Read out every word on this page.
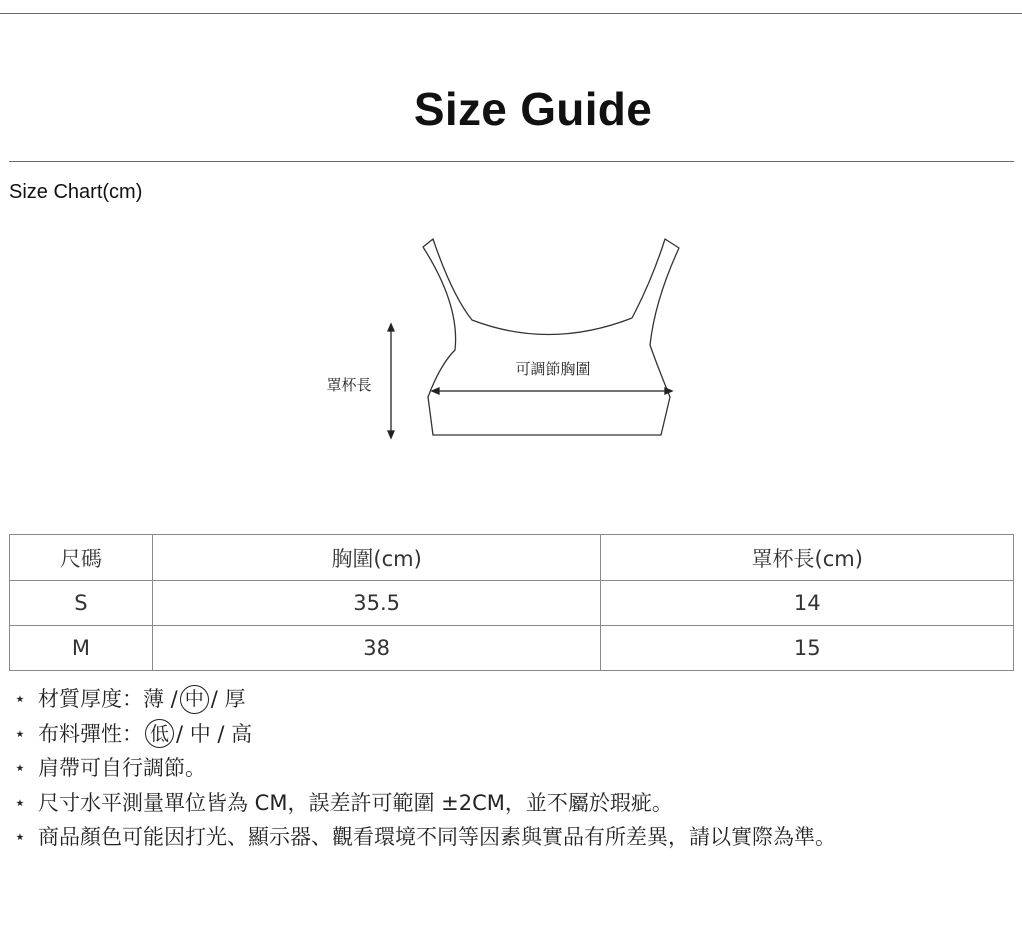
Size Guide
Size Chart(cm)
可調節胸圍
罩杯長
尺碼	胸圍(cm)	罩杯長(cm)
S	35.5	14
M	38	15
⋆ 材質厚度： 薄 / 中 / 厚
⋆ 布料彈性： 低 / 中 / 高
⋆ 肩帶可自行調節。
⋆ 尺寸水平測量單位皆為 CM，誤差許可範圍 ±2CM，並不屬於瑕疵。
⋆ 商品顏色可能因打光、顯示器、觀看環境不同等因素與實品有所差異，請以實際為準。
